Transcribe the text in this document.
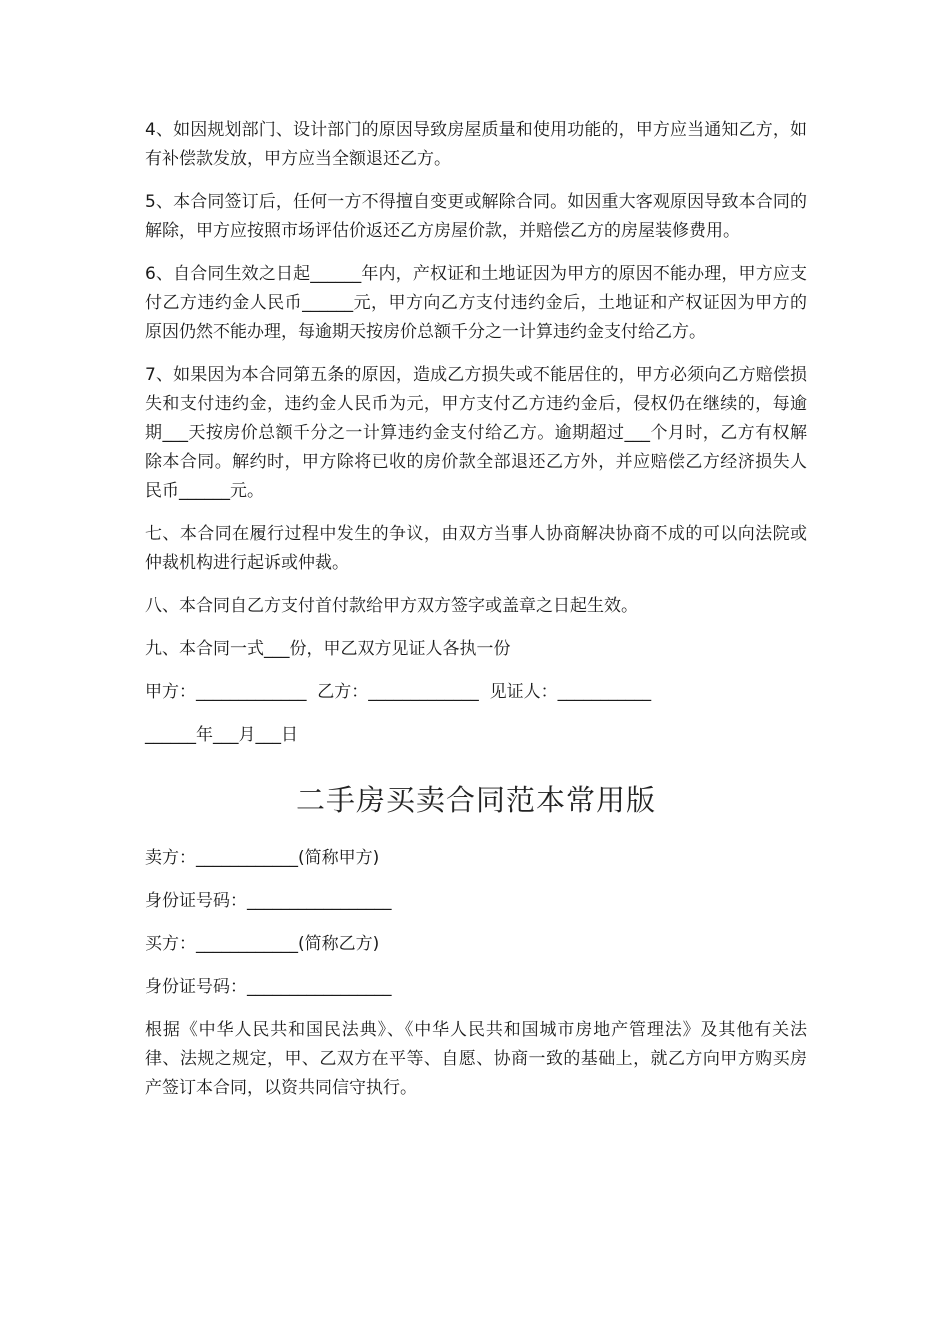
4、如因规划部门、设计部门的原因导致房屋质量和使用功能的，甲方应当通知乙方，如有补偿款发放，甲方应当全额退还乙方。

5、本合同签订后，任何一方不得擅自变更或解除合同。如因重大客观原因导致本合同的解除，甲方应按照市场评估价返还乙方房屋价款，并赔偿乙方的房屋装修费用。

6、自合同生效之日起______年内，产权证和土地证因为甲方的原因不能办理，甲方应支付乙方违约金人民币______元，甲方向乙方支付违约金后，土地证和产权证因为甲方的原因仍然不能办理，每逾期天按房价总额千分之一计算违约金支付给乙方。

7、如果因为本合同第五条的原因，造成乙方损失或不能居住的，甲方必须向乙方赔偿损失和支付违约金，违约金人民币为元，甲方支付乙方违约金后，侵权仍在继续的，每逾期___天按房价总额千分之一计算违约金支付给乙方。逾期超过___个月时，乙方有权解除本合同。解约时，甲方除将已收的房价款全部退还乙方外，并应赔偿乙方经济损失人民币______元。

七、本合同在履行过程中发生的争议，由双方当事人协商解决协商不成的可以向法院或仲裁机构进行起诉或仲裁。

八、本合同自乙方支付首付款给甲方双方签字或盖章之日起生效。

九、本合同一式___份，甲乙双方见证人各执一份

甲方：_____________  乙方：_____________  见证人：___________

______年___月___日

二手房买卖合同范本常用版

卖方：____________(简称甲方)

身份证号码：_________________

买方：____________(简称乙方)

身份证号码：_________________

根据《中华人民共和国民法典》、《中华人民共和国城市房地产管理法》及其他有关法律、法规之规定，甲、乙双方在平等、自愿、协商一致的基础上，就乙方向甲方购买房产签订本合同，以资共同信守执行。
